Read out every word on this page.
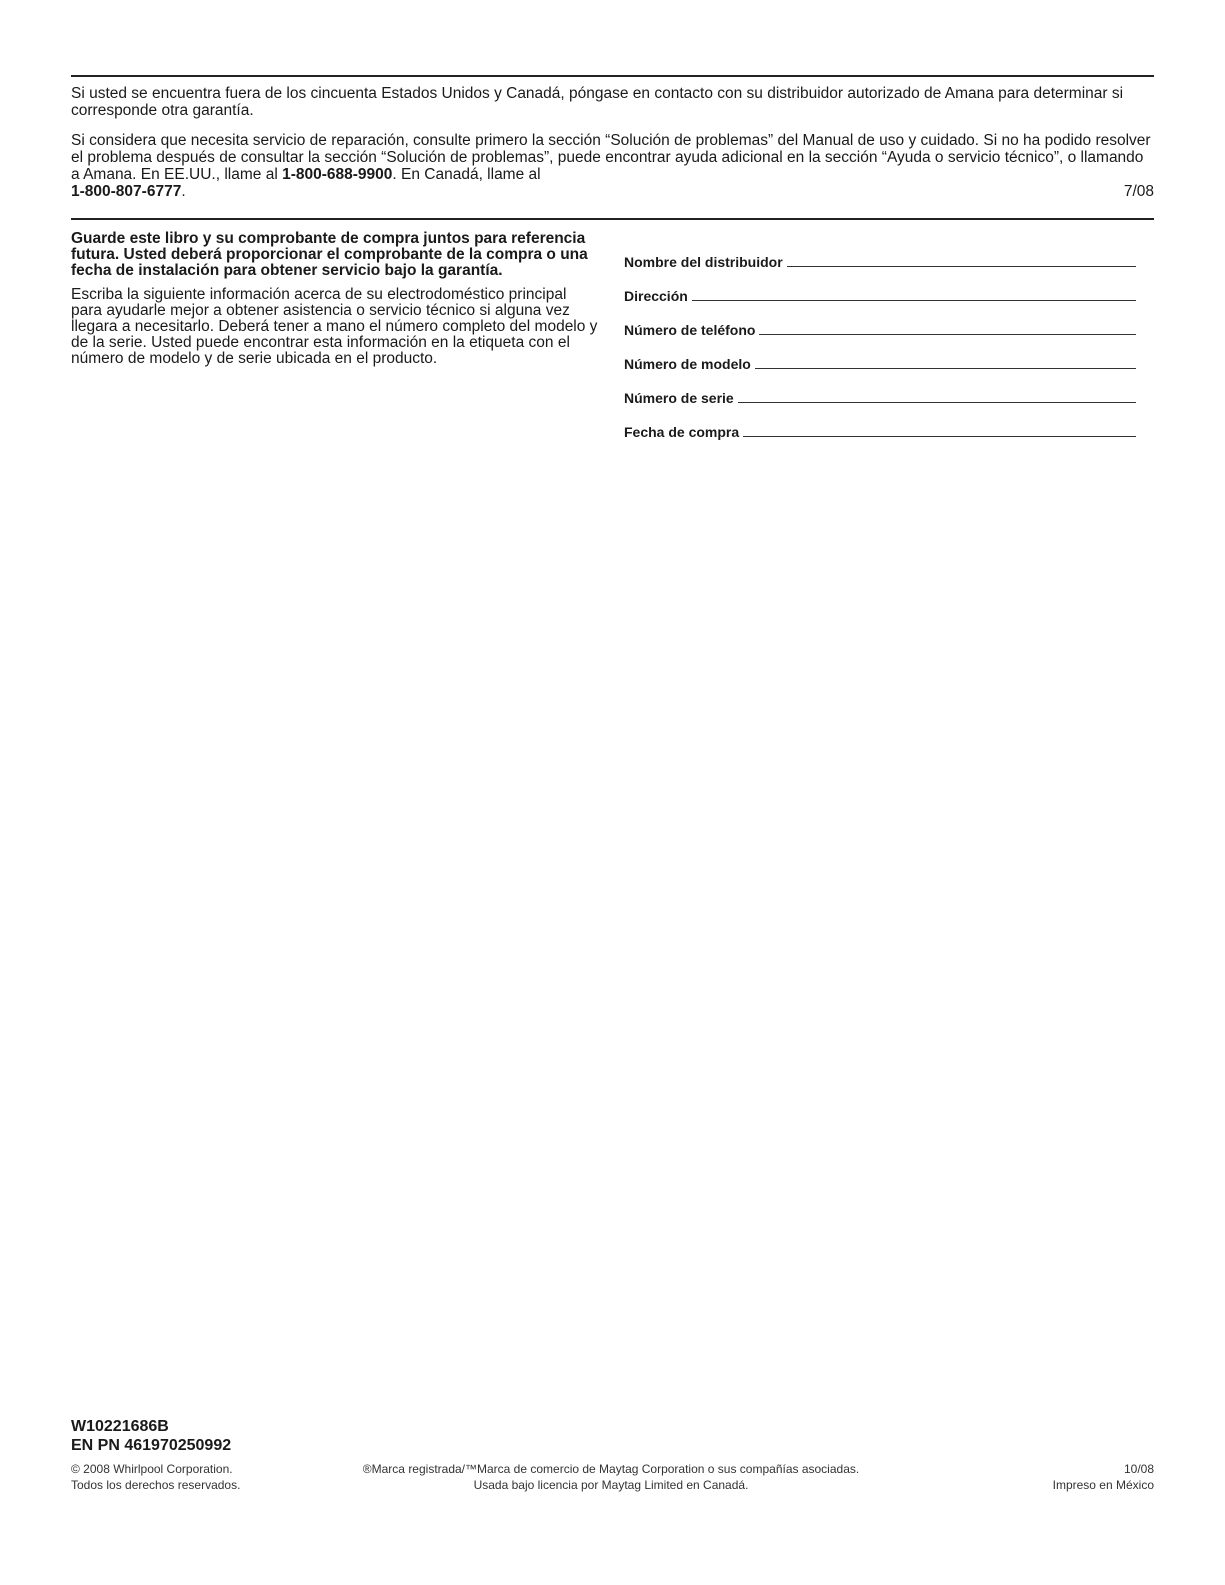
Si usted se encuentra fuera de los cincuenta Estados Unidos y Canadá, póngase en contacto con su distribuidor autorizado de Amana para determinar si corresponde otra garantía.

Si considera que necesita servicio de reparación, consulte primero la sección “Solución de problemas” del Manual de uso y cuidado. Si no ha podido resolver el problema después de consultar la sección “Solución de problemas”, puede encontrar ayuda adicional en la sección “Ayuda o servicio técnico”, o llamando a Amana. En EE.UU., llame al 1-800-688-9900. En Canadá, llame al

1-800-807-6777.	7/08

Guarde este libro y su comprobante de compra juntos para referencia futura. Usted deberá proporcionar el comprobante de la compra o una fecha de instalación para obtener servicio bajo la garantía.

Escriba la siguiente información acerca de su electrodoméstico principal para ayudarle mejor a obtener asistencia o servicio técnico si alguna vez llegara a necesitarlo. Deberá tener a mano el número completo del modelo y de la serie. Usted puede encontrar esta información en la etiqueta con el número de modelo y de serie ubicada en el producto.

Nombre del distribuidor
Dirección
Número de teléfono
Número de modelo
Número de serie
Fecha de compra
W10221686B
EN PN 461970250992
© 2008 Whirlpool Corporation.
Todos los derechos reservados.
®Marca registrada/™Marca de comercio de Maytag Corporation o sus compañías asociadas.
Usada bajo licencia por Maytag Limited en Canadá.
10/08
Impreso en México
